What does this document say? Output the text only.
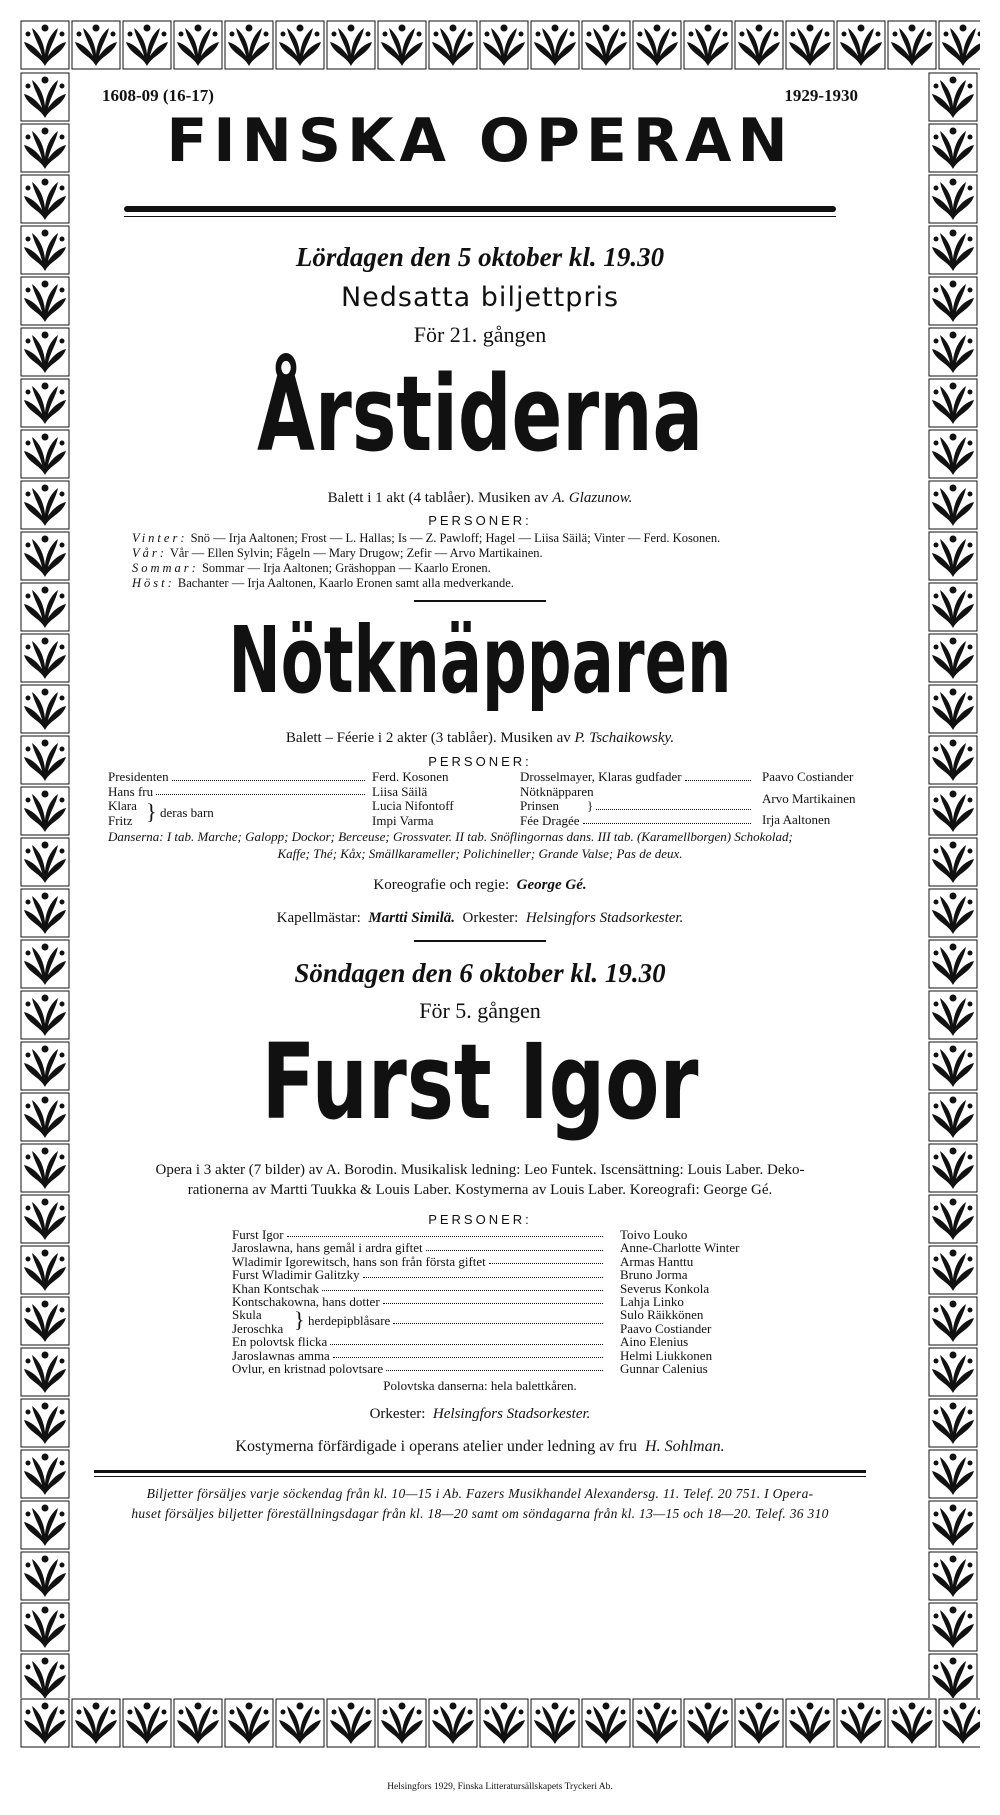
1608-09 (16-17)	1929-1930
FINSKA OPERAN
Lördagen den 5 oktober kl. 19.30
Nedsatta biljettpris
För 21. gången
Årstiderna
Balett i 1 akt (4 tablåer). Musiken av A. Glazunow.
PERSONER:
Vinter: Snö — Irja Aaltonen; Frost — L. Hallas; Is — Z. Pawloff; Hagel — Liisa Säilä; Vinter — Ferd. Kosonen.
Vår: Vår — Ellen Sylvin; Fågeln — Mary Drugow; Zefir — Arvo Martikainen.
Sommar: Sommar — Irja Aaltonen; Gräshoppan — Kaarlo Eronen.
Höst: Bachanter — Irja Aaltonen, Kaarlo Eronen samt alla medverkande.
Nötknäpparen
Balett – Féerie i 2 akter (3 tablåer). Musiken av P. Tschaikowsky.
PERSONER:
Presidenten
Hans fru
Klara
Fritz } deras barn
Ferd. Kosonen
Liisa Säilä
Lucia Nifontoff
Impi Varma
Drosselmayer, Klaras gudfader
Nötknäpparen
Prinsen }
Fée Dragée
Paavo Costiander
Arvo Martikainen
Irja Aaltonen
Danserna: I tab. Marche; Galopp; Dockor; Berceuse; Grossvater. II tab. Snöflingornas dans. III tab. (Karamellborgen) Schokolad;
Kaffe; Thé; Kåx; Smällkarameller; Polichineller; Grande Valse; Pas de deux.
Koreografie och regie: George Gé.
Kapellmästar: Martti Similä. Orkester: Helsingfors Stadsorkester.
Söndagen den 6 oktober kl. 19.30
För 5. gången
Furst Igor
Opera i 3 akter (7 bilder) av A. Borodin. Musikalisk ledning: Leo Funtek. Iscensättning: Louis Laber. Deko-
rationerna av Martti Tuukka & Louis Laber. Kostymerna av Louis Laber. Koreografi: George Gé.
PERSONER:
Furst Igor
Jaroslawna, hans gemål i ardra giftet
Wladimir Igorewitsch, hans son från första giftet
Furst Wladimir Galitzky
Khan Kontschak
Kontschakowna, hans dotter
Skula
Jeroschka } herdepipblåsare
En polovtsk flicka
Jaroslawnas amma
Ovlur, en kristnad polovtsare
Toivo Louko
Anne-Charlotte Winter
Armas Hanttu
Bruno Jorma
Severus Konkola
Lahja Linko
Sulo Räikkönen
Paavo Costiander
Aino Elenius
Helmi Liukkonen
Gunnar Calenius
Polovtska danserna: hela balettkåren.
Orkester: Helsingfors Stadsorkester.
Kostymerna förfärdigade i operans atelier under ledning av fru H. Sohlman.
Biljetter försäljes varje söckendag från kl. 10—15 i Ab. Fazers Musikhandel Alexandersg. 11. Telef. 20 751. I Opera-
huset försäljes biljetter föreställningsdagar från kl. 18—20 samt om söndagarna från kl. 13—15 och 18—20. Telef. 36 310
Helsingfors 1929, Finska Litteratursällskapets Tryckeri Ab.
